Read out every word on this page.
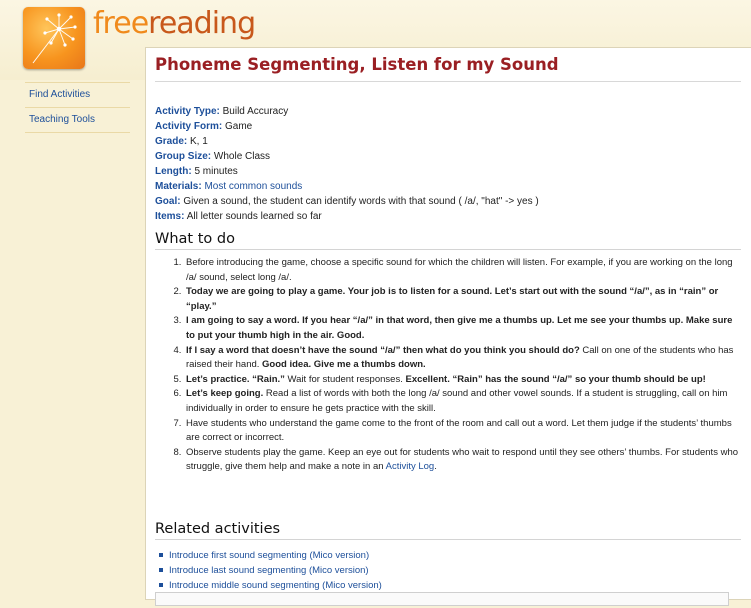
freereading
Find Activities
Teaching Tools
Phoneme Segmenting, Listen for my Sound
Activity Type: Build Accuracy
Activity Form: Game
Grade: K, 1
Group Size: Whole Class
Length: 5 minutes
Materials: Most common sounds
Goal: Given a sound, the student can identify words with that sound ( /a/, "hat" -> yes )
Items: All letter sounds learned so far
What to do
1. Before introducing the game, choose a specific sound for which the children will listen. For example, if you are working on the long /a/ sound, select long /a/.
2. Today we are going to play a game. Your job is to listen for a sound. Let’s start out with the sound “/a/”, as in “rain” or “play.”
3. I am going to say a word. If you hear “/a/” in that word, then give me a thumbs up. Let me see your thumbs up. Make sure to put your thumb high in the air. Good.
4. If I say a word that doesn’t have the sound “/a/” then what do you think you should do? Call on one of the students who has raised their hand. Good idea. Give me a thumbs down.
5. Let’s practice. “Rain.” Wait for student responses. Excellent. “Rain” has the sound “/a/” so your thumb should be up!
6. Let’s keep going. Read a list of words with both the long /a/ sound and other vowel sounds. If a student is struggling, call on him individually in order to ensure he gets practice with the skill.
7. Have students who understand the game come to the front of the room and call out a word. Let them judge if the students’ thumbs are correct or incorrect.
8. Observe students play the game. Keep an eye out for students who wait to respond until they see others’ thumbs. For students who struggle, give them help and make a note in an Activity Log.
Related activities
Introduce first sound segmenting (Mico version)
Introduce last sound segmenting (Mico version)
Introduce middle sound segmenting (Mico version)
